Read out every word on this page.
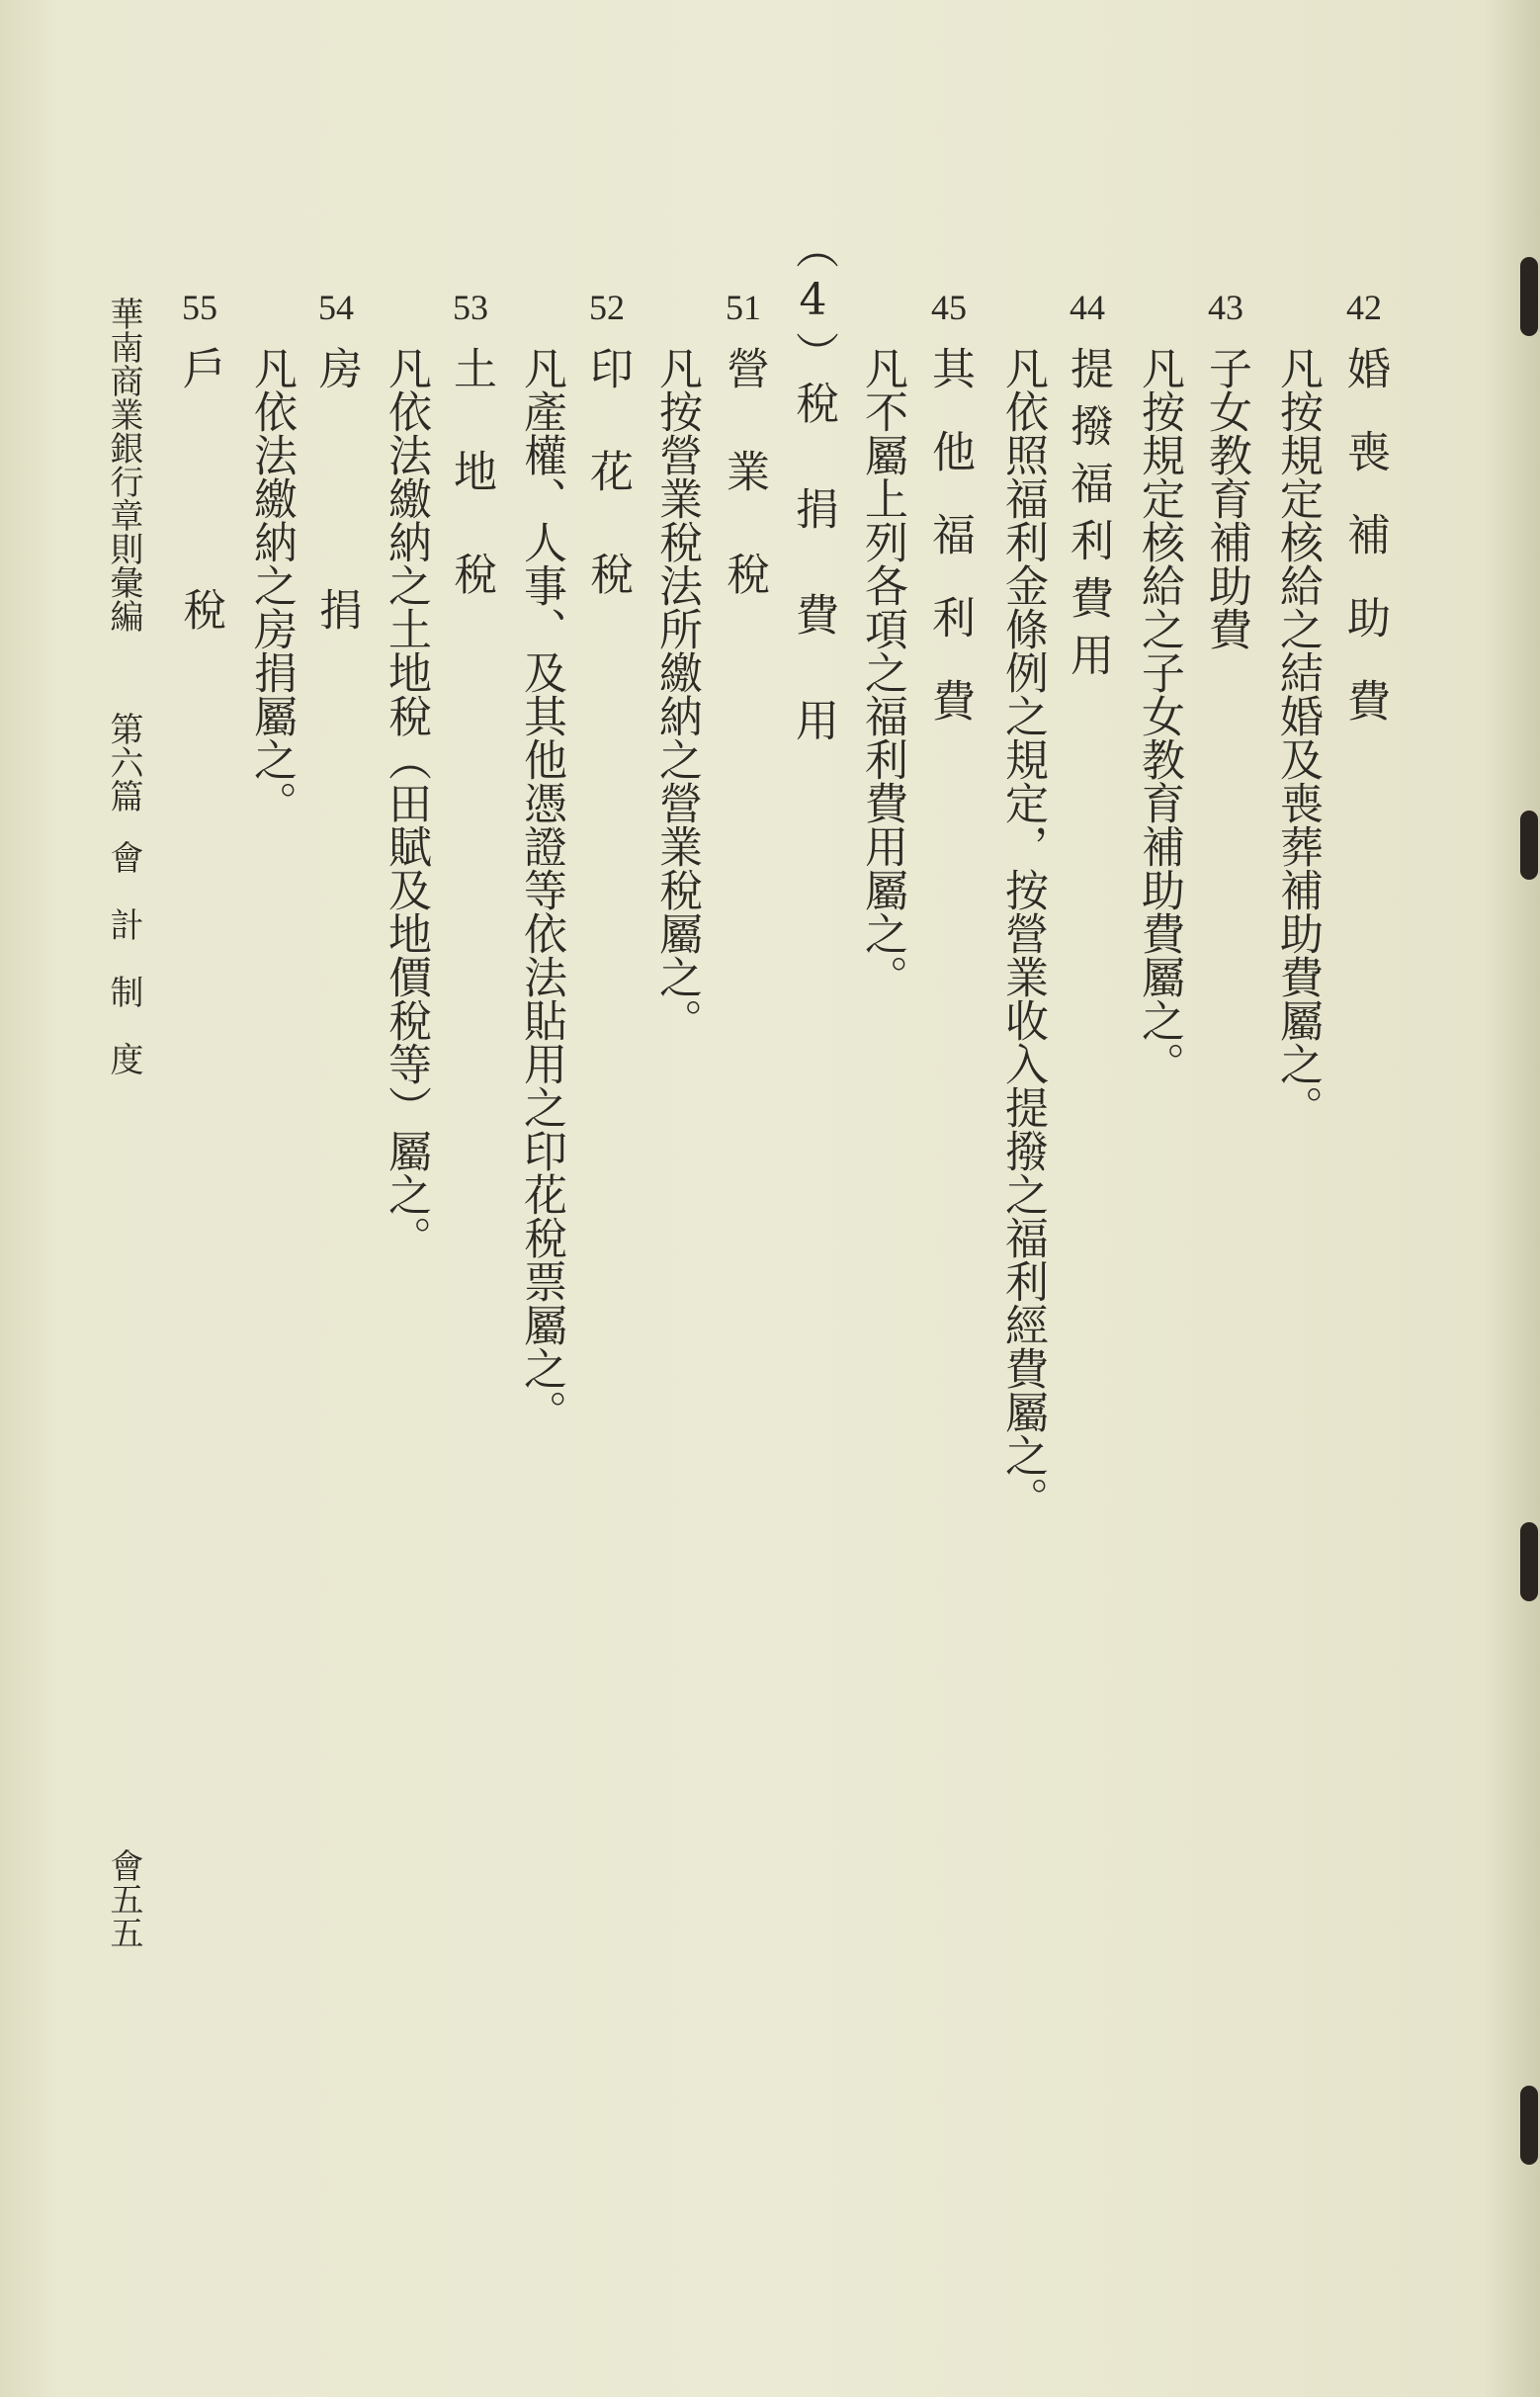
42
婚喪補助費
凡按規定核給之結婚及喪葬補助費屬之。
43
子女教育補助費
凡按規定核給之子女教育補助費屬之。
44
提撥福利費用
凡依照福利金條例之規定，按營業收入提撥之福利經費屬之。
45
其他福利費
凡不屬上列各項之福利費用屬之。
（4）稅 捐 費 用
51
營業稅
凡按營業稅法所繳納之營業稅屬之。
52
印花稅
凡產權、人事、及其他憑證等依法貼用之印花稅票屬之。
53
土地稅
凡依法繳納之土地稅（田賦及地價稅等）屬之。
54
房捐
凡依法繳納之房捐屬之。
55
戶稅
華南商業銀行章則彙編
第六篇
會計制度
會五五
